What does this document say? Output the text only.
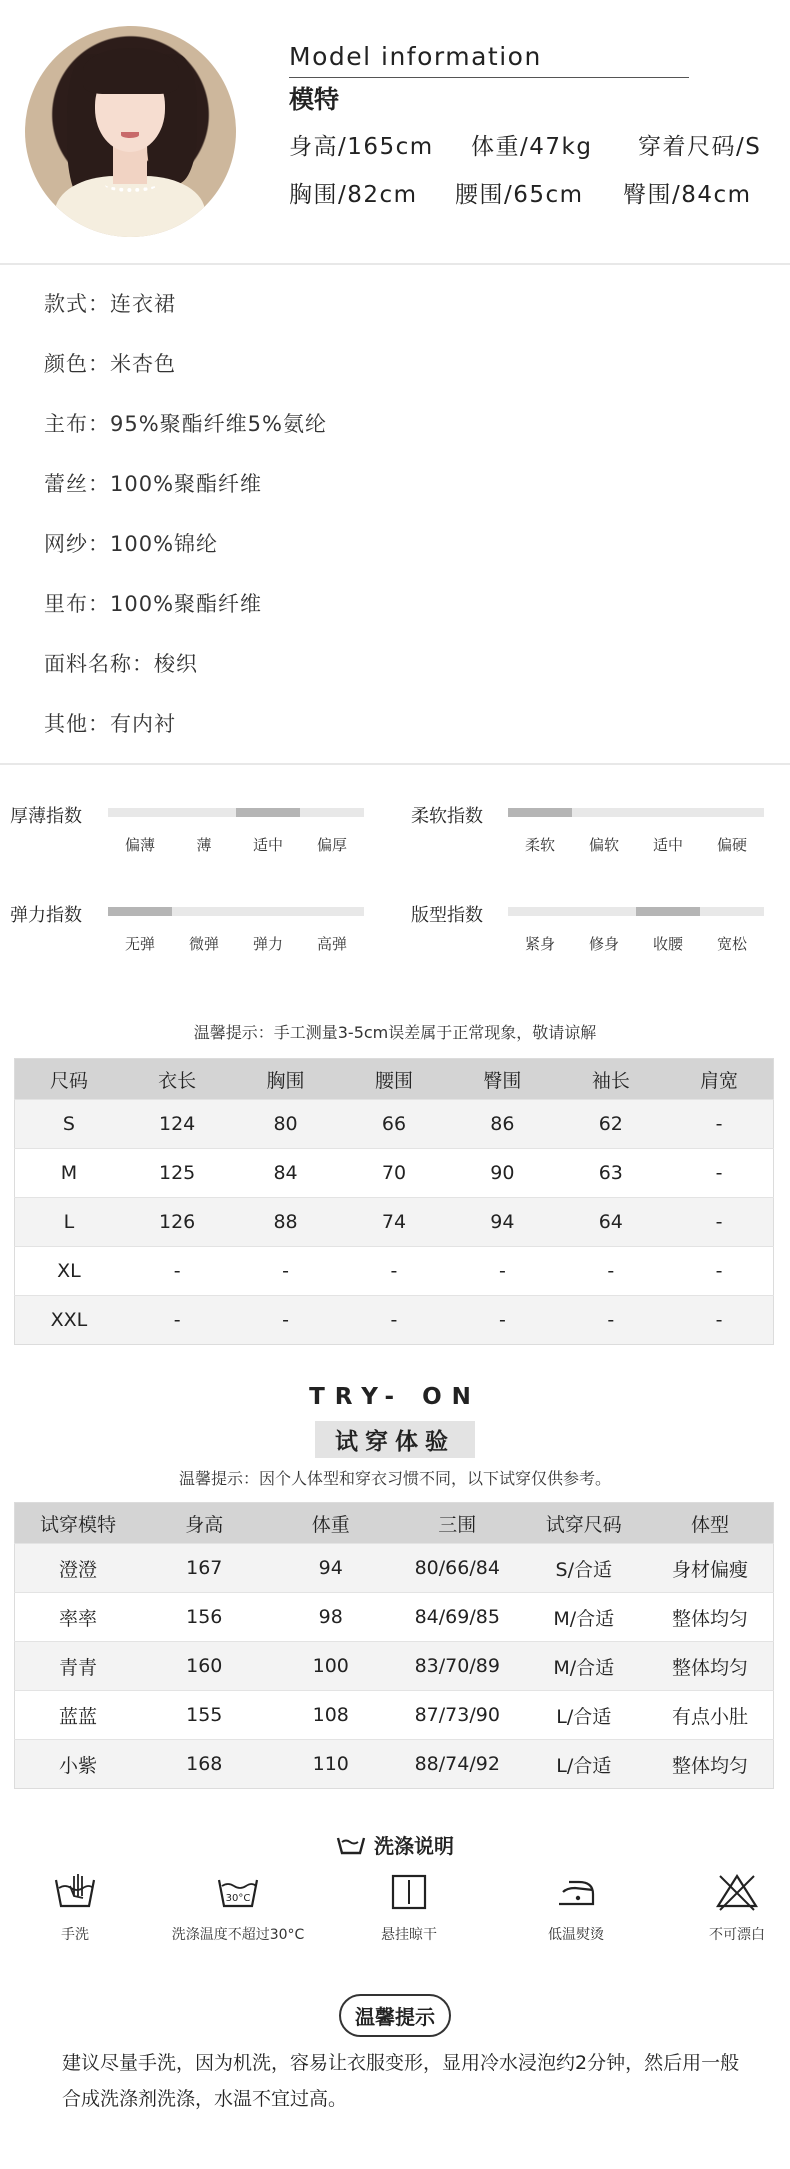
Model information
模特
身高/165cm 体重/47kg 穿着尺码/S
胸围/82cm 腰围/65cm 臀围/84cm
款式：连衣裙
颜色：米杏色
主布：95%聚酯纤维5%氨纶
蕾丝：100%聚酯纤维
网纱：100%锦纶
里布：100%聚酯纤维
面料名称：梭织
其他：有内衬
厚薄指数
偏薄	薄	适中 偏厚
柔软指数
柔软 偏软 适中 偏硬
弹力指数
无弹 微弹 弹力 高弹
版型指数
紧身 修身 收腰 宽松
温馨提示：手工测量3-5cm误差属于正常现象，敬请谅解
尺码	衣长	胸围	腰围	臀围	袖长	肩宽
S	124	80	66	86	62	-
M	125	84	70	90	63	-
L	126	88	74	94	64	-
XL	-	-	-	-	-	-
XXL	-	-	-	-	-	-
TRY- ON
试穿体验
温馨提示：因个人体型和穿衣习惯不同，以下试穿仅供参考。
试穿模特	身高	体重	三围	试穿尺码	体型
澄澄	167	94	80/66/84	S/合适	身材偏瘦
率率	156	98	84/69/85	M/合适	整体均匀
青青	160	100	83/70/89	M/合适	整体均匀
蓝蓝	155	108	87/73/90	L/合适	有点小肚
小紫	168	110	88/74/92	L/合适	整体均匀
洗涤说明
手洗
30°C
洗涤温度不超过30°C	悬挂晾干	低温熨烫	不可漂白
温馨提示
建议尽量手洗，因为机洗，容易让衣服变形，显用冷水浸泡约2分钟，然后用一般合成洗涤剂洗涤，水温不宜过高。
